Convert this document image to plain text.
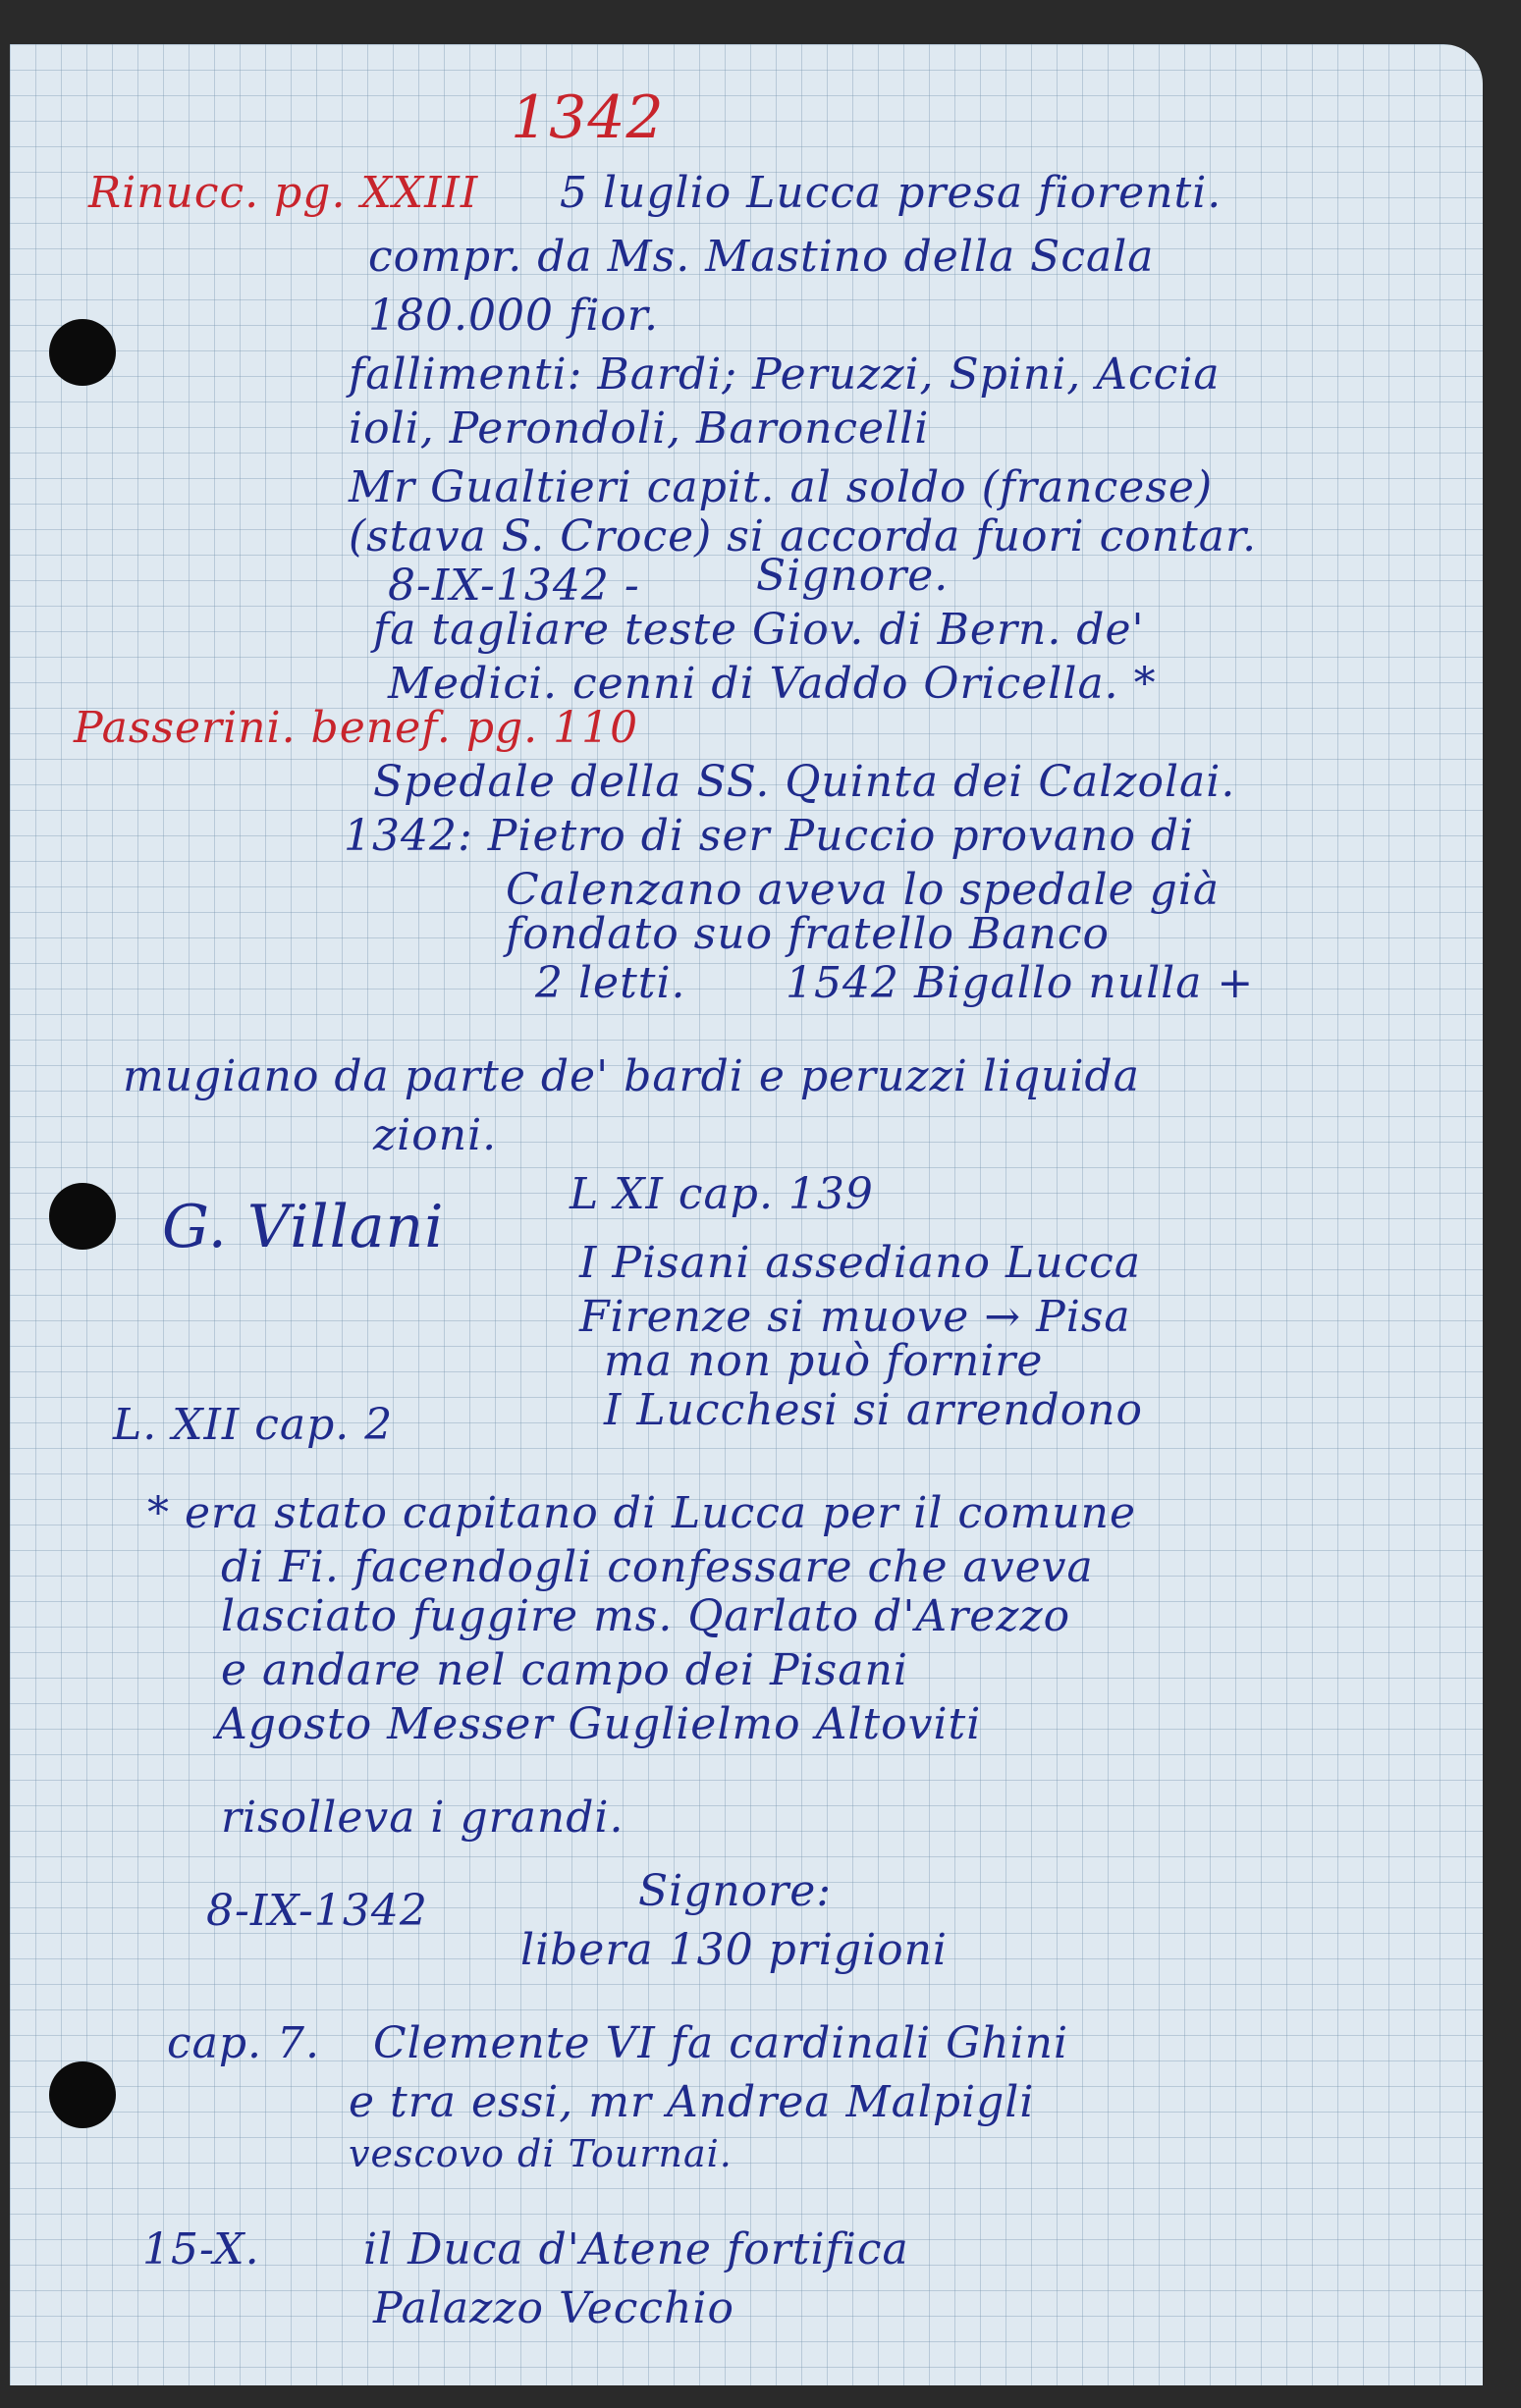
1342
Rinucc. pg. XXIII 5 luglio Lucca presa fiorenti.
compr. da Ms. Mastino della Scala
180.000 fior.
fallimenti: Bardi; Peruzzi, Spini, Accia
ioli, Perondoli, Baroncelli
Mr Gualtieri capit. al soldo (francese)
(stava S. Croce) si accorda fuori contar.
8-IX-1342 -	Signore.
fa tagliare teste Giov. di Bern. de'
Medici. cenni di Vaddo Oricella. *
Passerini. benef. pg. 110
Spedale della SS. Quinta dei Calzolai.
1342: Pietro di ser Puccio provano di
Calenzano aveva lo spedale già
fondato suo fratello Banco
2 letti. 1542 Bigallo nulla +
mugiano da parte de' bardi e peruzzi liquida
zioni.
G. Villani	L XI cap. 139
I Pisani assediano Lucca
Firenze si muove → Pisa
ma non può fornire
I Lucchesi si arrendono
L. XII cap. 2
* era stato capitano di Lucca per il comune
di Fi. facendogli confessare che aveva
lasciato fuggire ms. Qarlato d'Arezzo
e andare nel campo dei Pisani
Agosto Messer Guglielmo Altoviti
risolleva i grandi.
8-IX-1342	Signore:
libera 130 prigioni
cap. 7. Clemente VI fa cardinali Ghini
e tra essi, mr Andrea Malpigli
vescovo di Tournai.
15-X. il Duca d'Atene fortifica
Palazzo Vecchio
